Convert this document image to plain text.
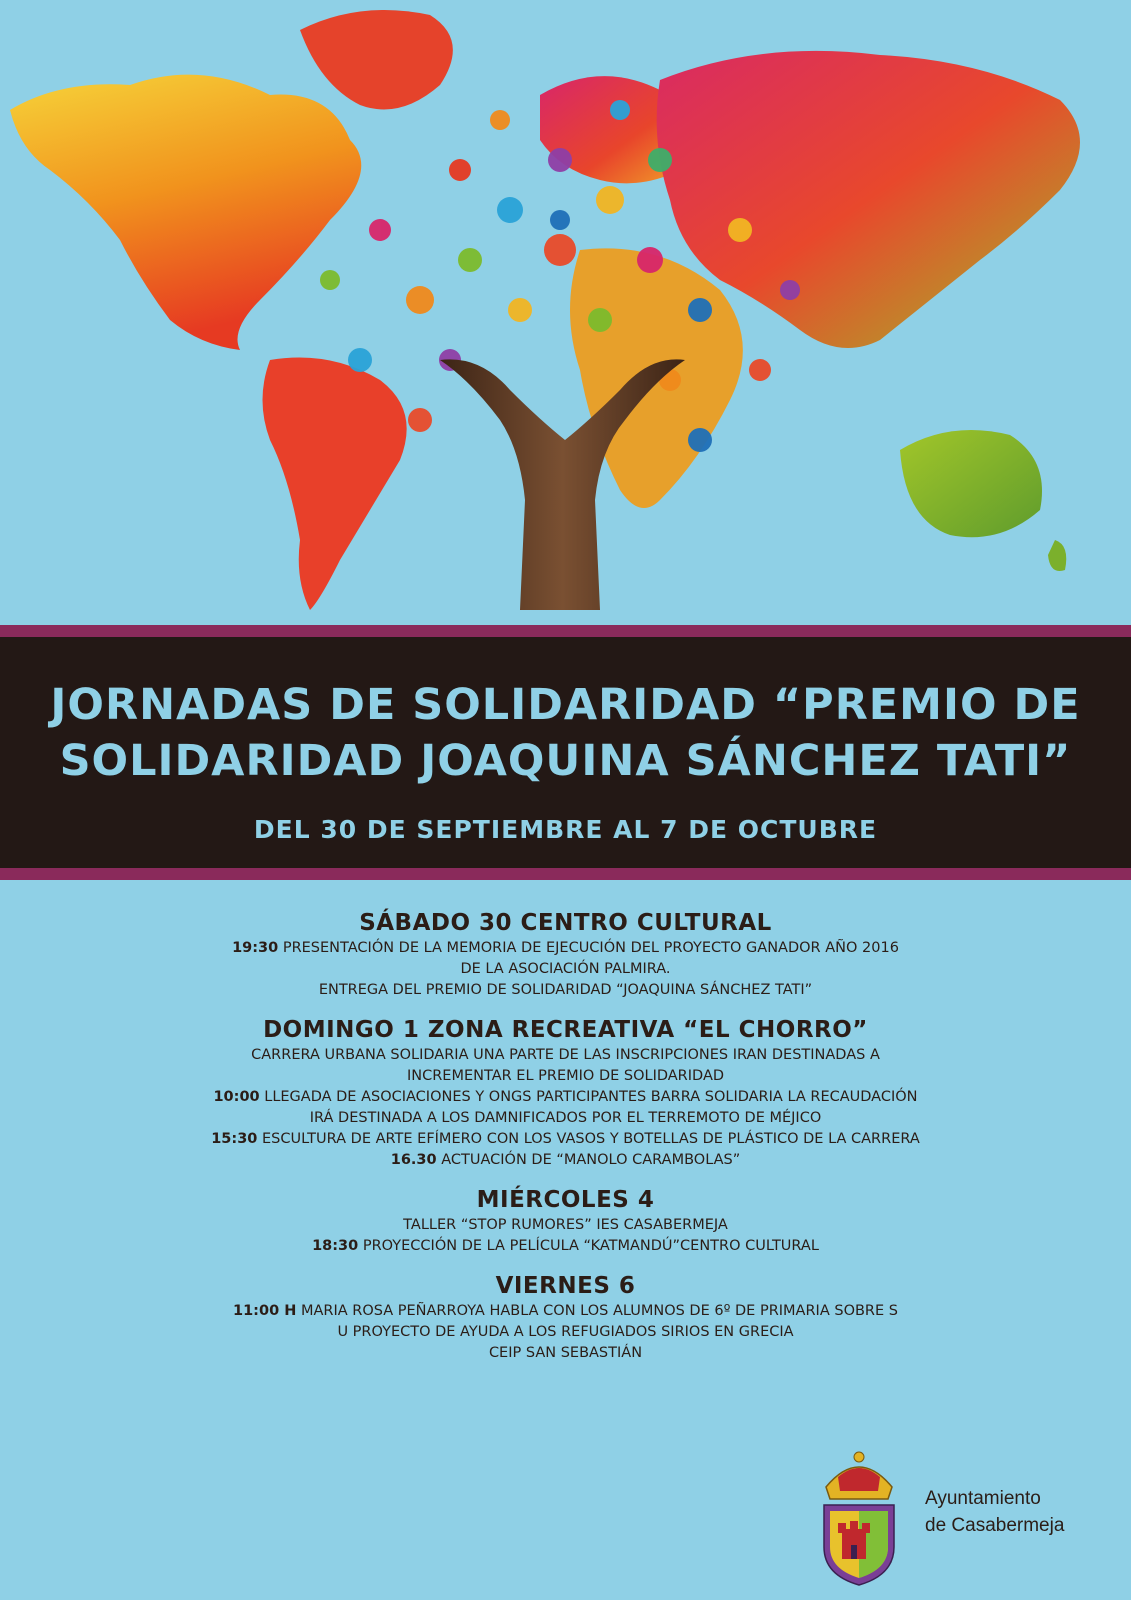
JORNADAS DE SOLIDARIDAD “PREMIO DE
SOLIDARIDAD JOAQUINA SÁNCHEZ TATI”

DEL 30 DE SEPTIEMBRE AL 7 DE OCTUBRE

SÁBADO 30 CENTRO CULTURAL

19:30 PRESENTACIÓN DE LA MEMORIA DE EJECUCIÓN DEL PROYECTO GANADOR AÑO 2016

DE LA ASOCIACIÓN PALMIRA.

ENTREGA DEL PREMIO DE SOLIDARIDAD “JOAQUINA SÁNCHEZ TATI”

DOMINGO 1 ZONA RECREATIVA “EL CHORRO”

CARRERA URBANA SOLIDARIA UNA PARTE DE LAS INSCRIPCIONES IRAN DESTINADAS A

INCREMENTAR EL PREMIO DE SOLIDARIDAD

10:00 LLEGADA DE ASOCIACIONES Y ONGS PARTICIPANTES BARRA SOLIDARIA LA RECAUDACIÓN

IRÁ DESTINADA A LOS DAMNIFICADOS POR EL TERREMOTO DE MÉJICO

15:30 ESCULTURA DE ARTE EFÍMERO CON LOS VASOS Y BOTELLAS DE PLÁSTICO DE LA CARRERA

16.30 ACTUACIÓN DE “MANOLO CARAMBOLAS”

MIÉRCOLES 4

TALLER “STOP RUMORES” IES CASABERMEJA

18:30 PROYECCIÓN DE LA PELÍCULA “KATMANDÚ”CENTRO CULTURAL

VIERNES 6

11:00 H MARIA ROSA PEÑARROYA HABLA CON LOS ALUMNOS DE 6º DE PRIMARIA SOBRE S

U PROYECTO DE AYUDA A LOS REFUGIADOS SIRIOS EN GRECIA

CEIP SAN SEBASTIÁN

Ayuntamiento
de Casabermeja
